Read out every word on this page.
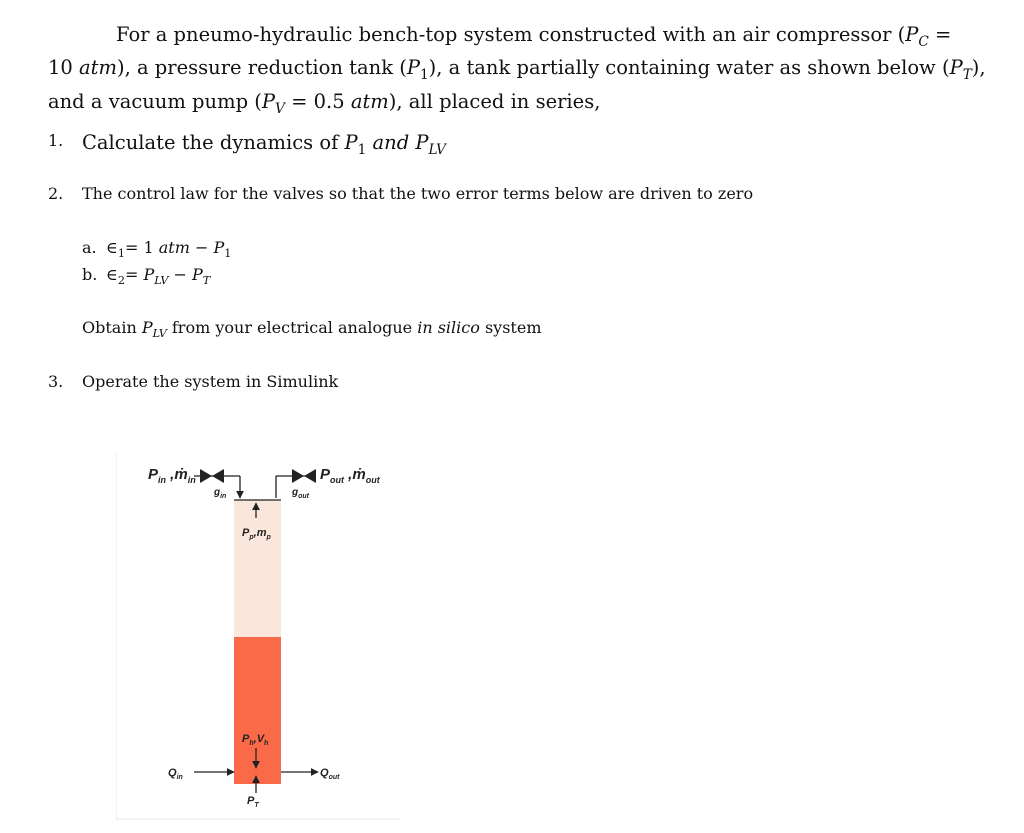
For a pneumo-hydraulic bench-top system constructed with an air compressor ($P_C$ =
10 atm), a pressure reduction tank $(P_1)$, a tank partially containing water as shown below $(P_T)$,
and a vacuum pump ($P_V = 0.5$ atm), all placed in series,

1. Calculate the dynamics of $P_1$ and $P_{LV}$
2. The control law for the valves so that the two error terms below are driven to zero
a. $\in_1= 1$ atm − $P_1$
b. $\in_2= P_{LV} - P_T$
Obtain $P_{LV}$ from your electrical analogue in silico system
3. Operate the system in Simulink
$P_{in}$ ,ṁ$_{in}$
$g_{in}$	$g_{out}$
$P_{out}$ ,ṁ$_{out}$
$P_p,m_p$
$P_h,V_h$
$Q_{in}$	$Q_{out}$
$P_T$
